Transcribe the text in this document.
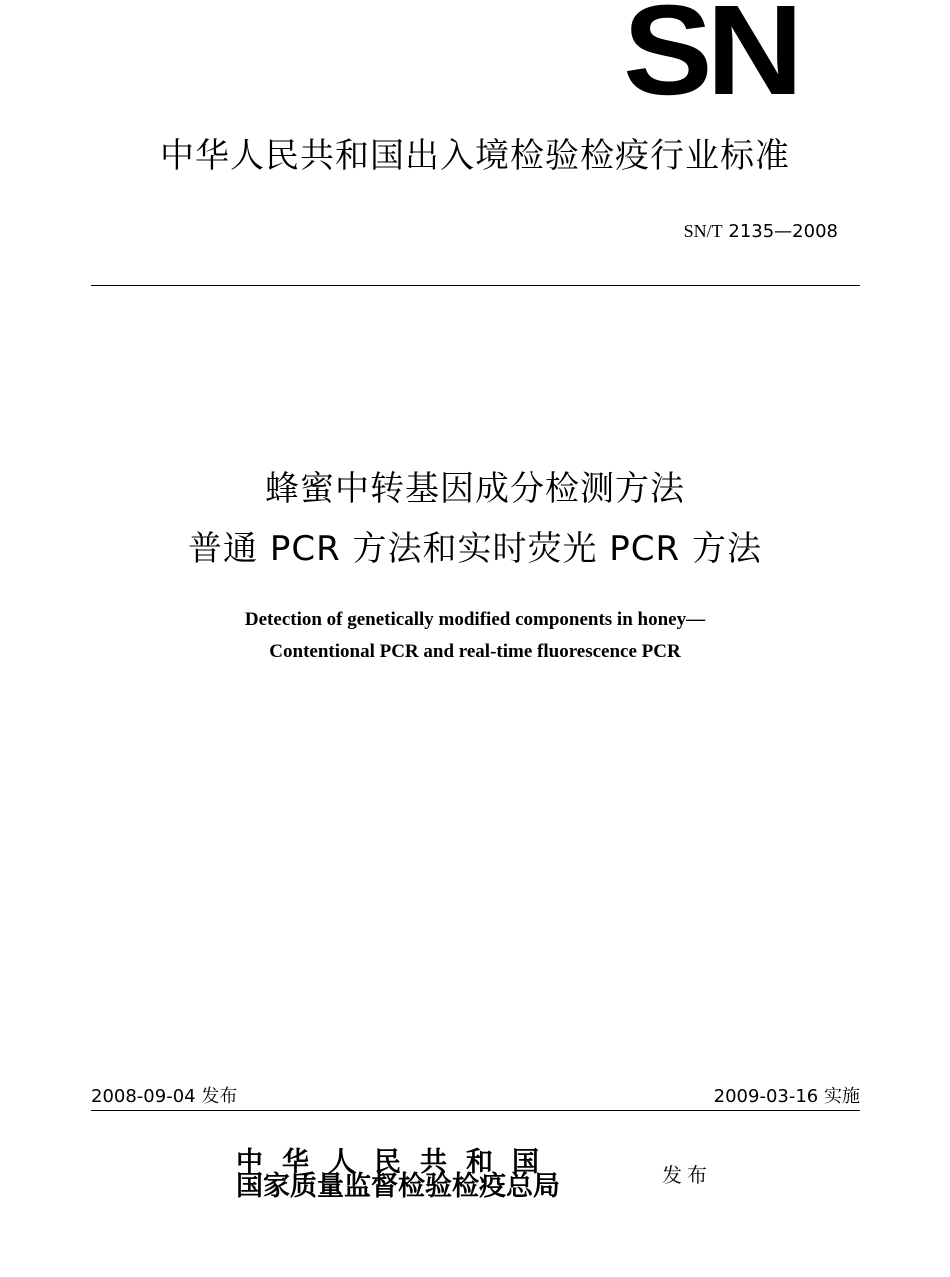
SN
中华人民共和国出入境检验检疫行业标准
SN/T 2135—2008
蜂蜜中转基因成分检测方法
普通 PCR 方法和实时荧光 PCR 方法
Detection of genetically modified components in honey—
Contentional PCR and real-time fluorescence PCR
2008-09-04 发布	2009-03-16 实施
中华人民共和国
国家质量监督检验检疫总局	发布
